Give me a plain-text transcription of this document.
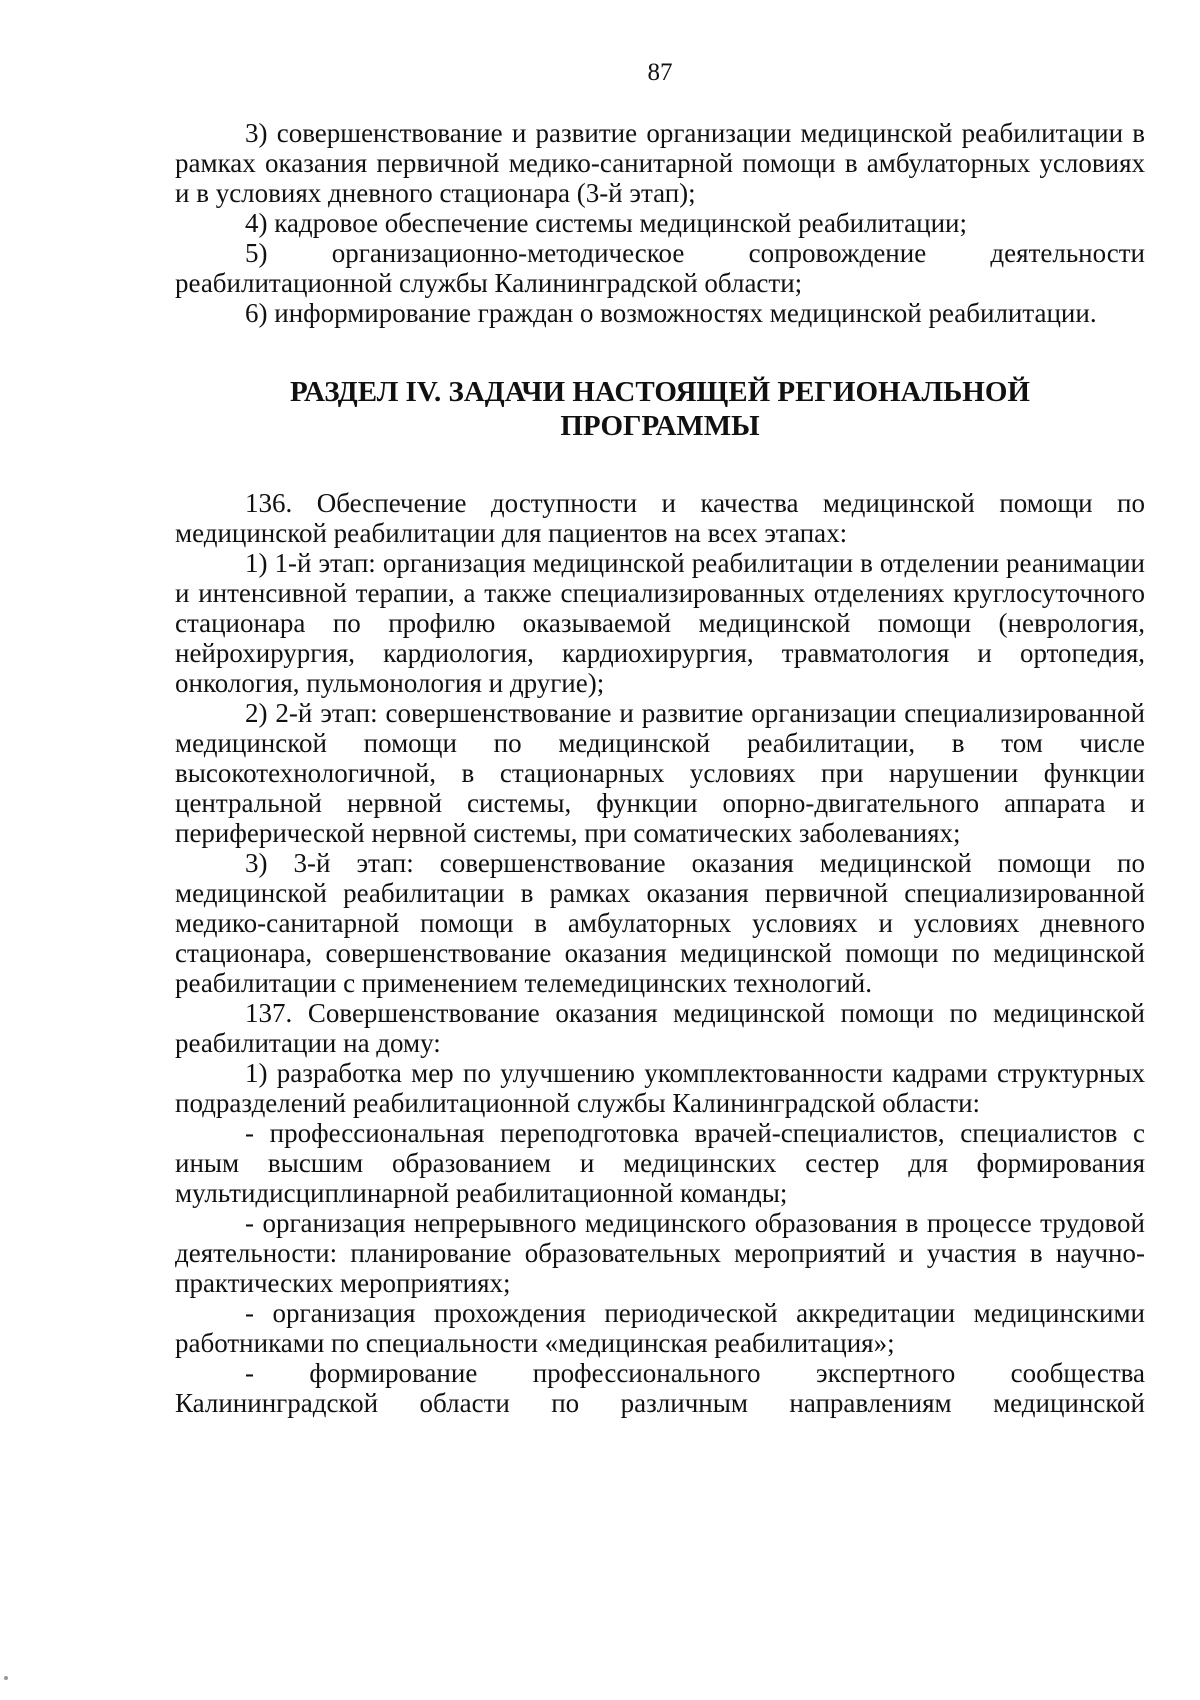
87

3) совершенствование и развитие организации медицинской реабилитации в рамках оказания первичной медико-санитарной помощи в амбулаторных условиях и в условиях дневного стационара (3-й этап);

4) кадровое обеспечение системы медицинской реабилитации;

5) организационно-методическое сопровождение деятельности реабилитационной службы Калининградской области;

6) информирование граждан о возможностях медицинской реабилитации.

РАЗДЕЛ IV. ЗАДАЧИ НАСТОЯЩЕЙ РЕГИОНАЛЬНОЙ
ПРОГРАММЫ

136. Обеспечение доступности и качества медицинской помощи по медицинской реабилитации для пациентов на всех этапах:

1) 1-й этап: организация медицинской реабилитации в отделении реанимации и интенсивной терапии, а также специализированных отделениях круглосуточного стационара по профилю оказываемой медицинской помощи (неврология, нейрохирургия, кардиология, кардиохирургия, травматология и ортопедия, онкология, пульмонология и другие);

2) 2-й этап: совершенствование и развитие организации специализированной медицинской помощи по медицинской реабилитации, в том числе высокотехнологичной, в стационарных условиях при нарушении функции центральной нервной системы, функции опорно-двигательного аппарата и периферической нервной системы, при соматических заболеваниях;

3) 3-й этап: совершенствование оказания медицинской помощи по медицинской реабилитации в рамках оказания первичной специализированной медико-санитарной помощи в амбулаторных условиях и условиях дневного стационара, совершенствование оказания медицинской помощи по медицинской реабилитации с применением телемедицинских технологий.

137. Совершенствование оказания медицинской помощи по медицинской реабилитации на дому:

1) разработка мер по улучшению укомплектованности кадрами структурных подразделений реабилитационной службы Калининградской области:

- профессиональная переподготовка врачей-специалистов, специалистов с иным высшим образованием и медицинских сестер для формирования мультидисциплинарной реабилитационной команды;

- организация непрерывного медицинского образования в процессе трудовой деятельности: планирование образовательных мероприятий и участия в научно-практических мероприятиях;

- организация прохождения периодической аккредитации медицинскими работниками по специальности «медицинская реабилитация»;

- формирование профессионального экспертного сообщества Калининградской области по различным направлениям медицинской
